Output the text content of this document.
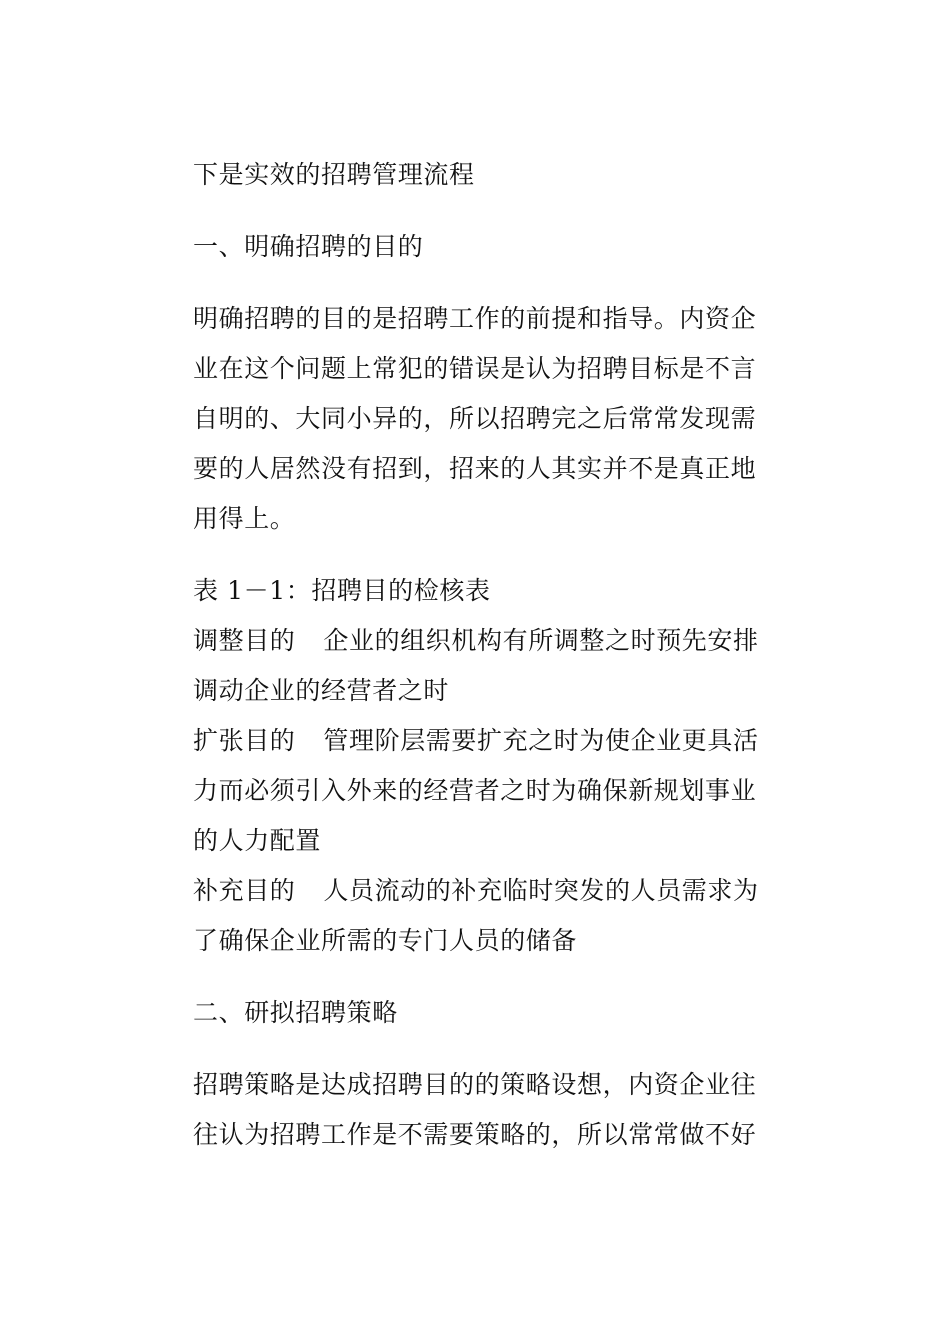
下是实效的招聘管理流程

一、明确招聘的目的

明确招聘的目的是招聘工作的前提和指导。内资企业在这个问题上常犯的错误是认为招聘目标是不言自明的、大同小异的，所以招聘完之后常常发现需要的人居然没有招到，招来的人其实并不是真正地用得上。

表 1－1：招聘目的检核表

调整目的 企业的组织机构有所调整之时预先安排调动企业的经营者之时

扩张目的 管理阶层需要扩充之时为使企业更具活力而必须引入外来的经营者之时为确保新规划事业的人力配置

补充目的 人员流动的补充临时突发的人员需求为了确保企业所需的专门人员的储备

二、研拟招聘策略

招聘策略是达成招聘目的的策略设想，内资企业往往认为招聘工作是不需要策略的，所以常常做不好
